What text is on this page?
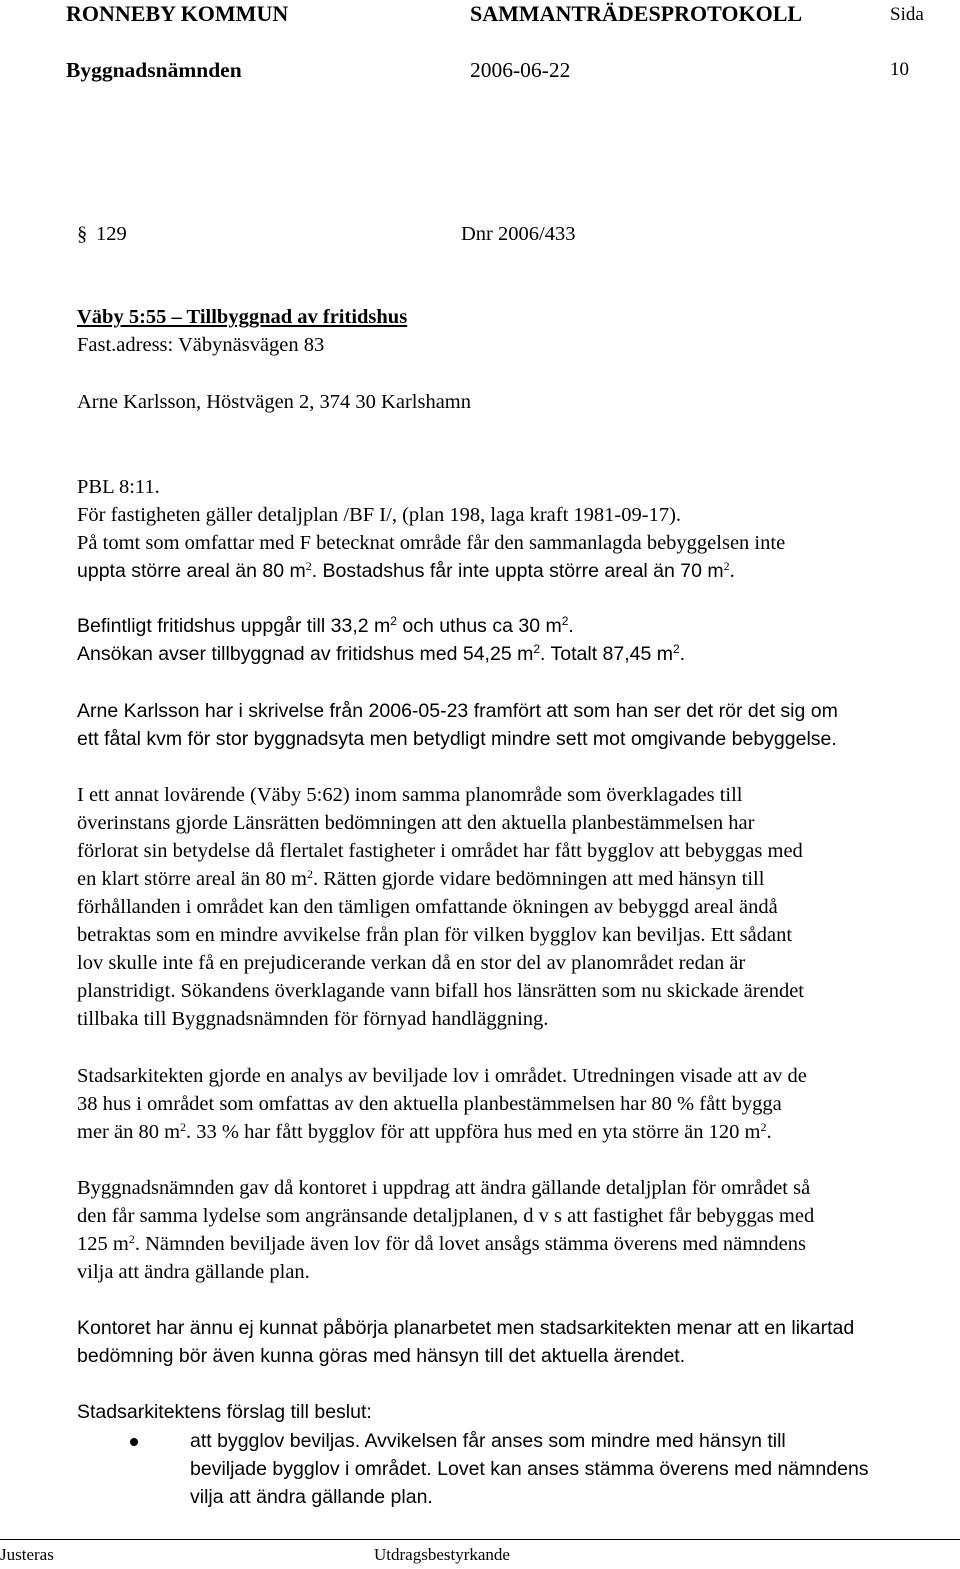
RONNEBY KOMMUN	SAMMANTRÄDESPROTOKOLL	Sida
Byggnadsnämnden	2006-06-22	10
§ 129	Dnr 2006/433

Väby 5:55 – Tillbyggnad av fritidshus

Fast.adress: Väbynäsvägen 83

Arne Karlsson, Höstvägen 2, 374 30 Karlshamn

PBL 8:11.

För fastigheten gäller detaljplan /BF I/, (plan 198, laga kraft 1981-09-17).

På tomt som omfattar med F betecknat område får den sammanlagda bebyggelsen inte

uppta större areal än 80 $m^2$. Bostadshus får inte uppta större areal än 70 $m^2$.

Befintligt fritidshus uppgår till 33,2 $m^2$ och uthus ca 30 $m^2$.

Ansökan avser tillbyggnad av fritidshus med 54,25 $m^2$. Totalt 87,45 $m^2$.

Arne Karlsson har i skrivelse från 2006-05-23 framfört att som han ser det rör det sig om

ett fåtal kvm för stor byggnadsyta men betydligt mindre sett mot omgivande bebyggelse.

I ett annat lovärende (Väby 5:62) inom samma planområde som överklagades till

överinstans gjorde Länsrätten bedömningen att den aktuella planbestämmelsen har

förlorat sin betydelse då flertalet fastigheter i området har fått bygglov att bebyggas med

en klart större areal än 80 $m^2$. Rätten gjorde vidare bedömningen att med hänsyn till

förhållanden i området kan den tämligen omfattande ökningen av bebyggd areal ändå

betraktas som en mindre avvikelse från plan för vilken bygglov kan beviljas. Ett sådant

lov skulle inte få en prejudicerande verkan då en stor del av planområdet redan är

planstridigt. Sökandens överklagande vann bifall hos länsrätten som nu skickade ärendet

tillbaka till Byggnadsnämnden för förnyad handläggning.

Stadsarkitekten gjorde en analys av beviljade lov i området. Utredningen visade att av de

38 hus i området som omfattas av den aktuella planbestämmelsen har 80 % fått bygga

mer än 80 $m^2$. 33 % har fått bygglov för att uppföra hus med en yta större än 120 $m^2$.

Byggnadsnämnden gav då kontoret i uppdrag att ändra gällande detaljplan för området så

den får samma lydelse som angränsande detaljplanen, d v s att fastighet får bebyggas med

125 $m^2$. Nämnden beviljade även lov för då lovet ansågs stämma överens med nämndens

vilja att ändra gällande plan.

Kontoret har ännu ej kunnat påbörja planarbetet men stadsarkitekten menar att en likartad

bedömning bör även kunna göras med hänsyn till det aktuella ärendet.

Stadsarkitektens förslag till beslut:

att bygglov beviljas. Avvikelsen får anses som mindre med hänsyn till

beviljade bygglov i området. Lovet kan anses stämma överens med nämndens

vilja att ändra gällande plan.

Justeras	Utdragsbestyrkande
